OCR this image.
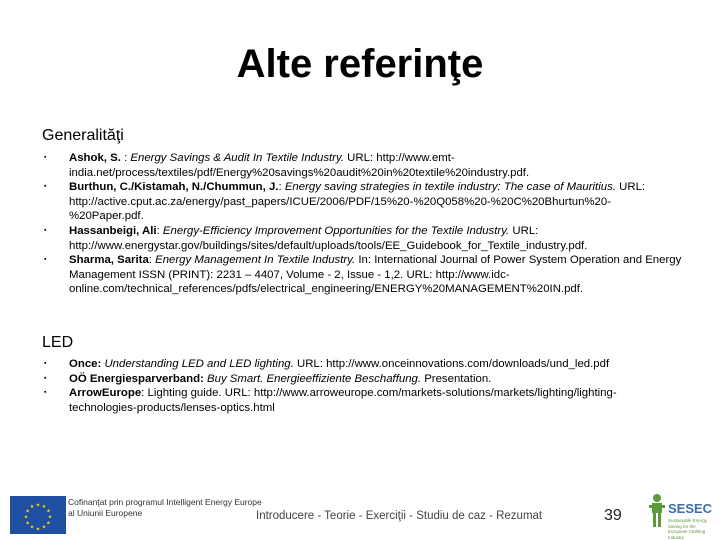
Alte referinţe
Generalităţi
▪ Ashok, S. : Energy Savings & Audit In Textile Industry. URL: http://www.emt-india.net/process/textiles/pdf/Energy%20savings%20audit%20in%20textile%20industry.pdf.
▪ Burthun, C./Kistamah, N./Chummun, J.: Energy saving strategies in textile industry: The case of Mauritius. URL: http://active.cput.ac.za/energy/past_papers/ICUE/2006/PDF/15%20-%20Q058%20-%20C%20Bhurtun%20-%20Paper.pdf.
▪ Hassanbeigi, Ali: Energy-Efficiency Improvement Opportunities for the Textile Industry. URL: http://www.energystar.gov/buildings/sites/default/uploads/tools/EE_Guidebook_for_Textile_industry.pdf.
▪ Sharma, Sarita: Energy Management In Textile Industry. In: International Journal of Power System Operation and Energy Management ISSN (PRINT): 2231 – 4407, Volume - 2, Issue - 1,2. URL: http://www.idc-online.com/technical_references/pdfs/electrical_engineering/ENERGY%20MANAGEMENT%20IN.pdf.
LED
▪ Once: Understanding LED and LED lighting. URL: http://www.onceinnovations.com/downloads/und_led.pdf
▪ OÖ Energiesparverband: Buy Smart. Energieeffiziente Beschaffung. Presentation.
▪ ArrowEurope: Lighting guide. URL: http://www.arroweurope.com/markets-solutions/markets/lighting/lighting-technologies-products/lenses-optics.html
★ ★
★
★
★
★
★
★
★
★
★
★	Cofinanţat prin programul Intelligent Energy Europe
al Uniunii Europene	Introducere - Teorie - Exerciţii - Studiu de caz - Rezumat	39	SESEC
Sustainable Energy Saving for the European Clothing Industry
